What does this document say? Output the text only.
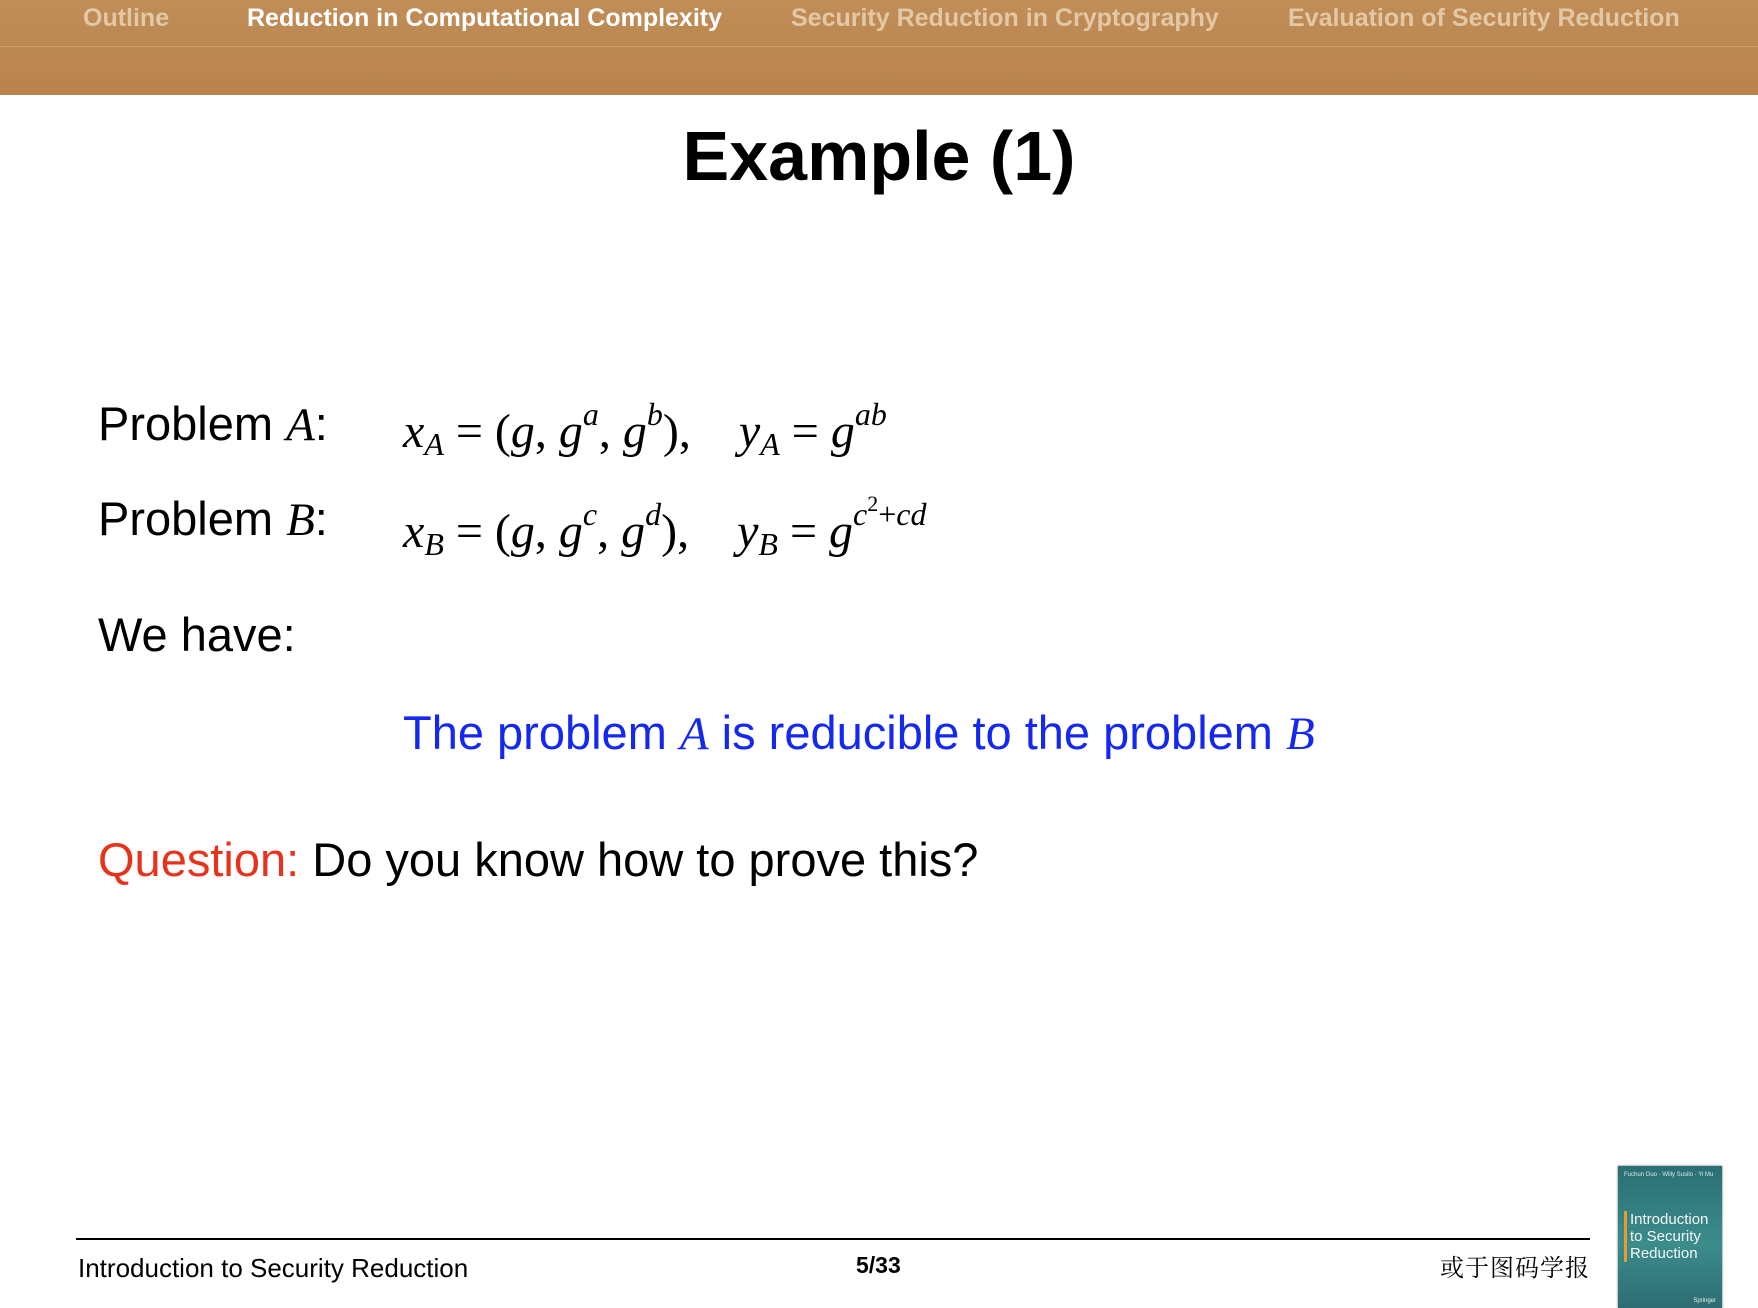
Outline	Reduction in Computational Complexity	Security Reduction in Cryptography	Evaluation of Security Reduction
Example (1)
Problem A: $x_A = (g$, $g^a$, $g^b$),    $y_A = g^{ab}$
Problem B: $x_B = (g$, $g^c$, $g^d$),    $y_B = g^{c^2+cd}$
We have:
The problem A is reducible to the problem B
Question: Do you know how to prove this?
Introduction to Security Reduction	5/33	或于图码学报
Fuchun Guo · Willy Susilo · Yi Mu
Introduction to Security Reduction
Springer
